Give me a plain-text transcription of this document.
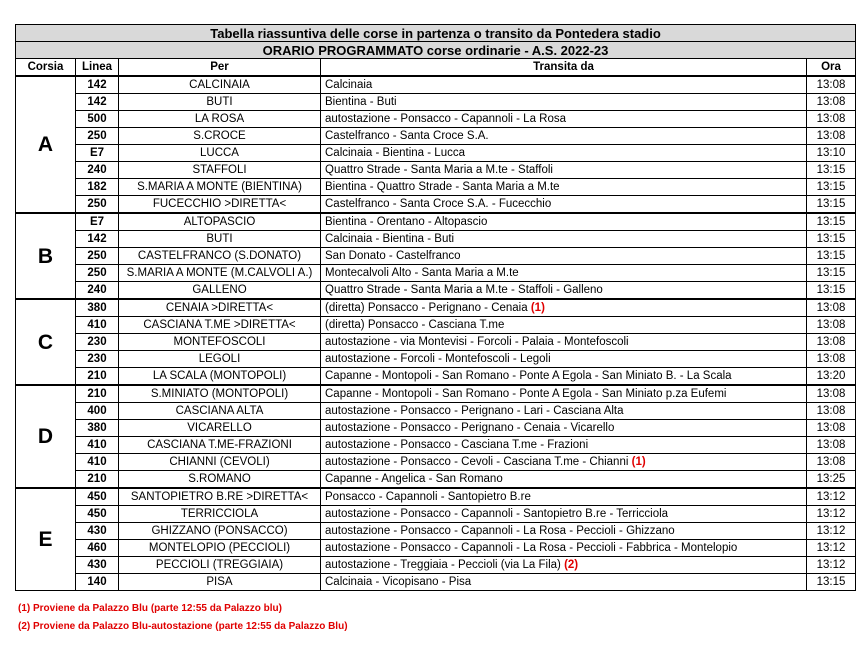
Tabella riassuntiva delle corse in partenza o transito da Pontedera stadio				
ORARIO PROGRAMMATO corse ordinarie - A.S. 2022-23				
Corsia	Linea	Per	Transita da	Ora
A	142	CALCINAIA	Calcinaia	13:08
	142	BUTI	Bientina - Buti	13:08
	500	LA ROSA	autostazione - Ponsacco - Capannoli - La Rosa	13:08
	250	S.CROCE	Castelfranco - Santa Croce S.A.	13:08
	E7	LUCCA	Calcinaia - Bientina - Lucca	13:10
	240	STAFFOLI	Quattro Strade - Santa Maria a M.te - Staffoli	13:15
	182	S.MARIA A MONTE (BIENTINA)	Bientina - Quattro Strade - Santa Maria a M.te	13:15
	250	FUCECCHIO >DIRETTA<	Castelfranco - Santa Croce S.A. - Fucecchio	13:15
B	E7	ALTOPASCIO	Bientina - Orentano - Altopascio	13:15
	142	BUTI	Calcinaia - Bientina - Buti	13:15
	250	CASTELFRANCO (S.DONATO)	San Donato - Castelfranco	13:15
	250	S.MARIA A MONTE (M.CALVOLI A.)	Montecalvoli Alto - Santa Maria a M.te	13:15
	240	GALLENO	Quattro Strade - Santa Maria a M.te - Staffoli - Galleno	13:15
C	380	CENAIA >DIRETTA<	(diretta) Ponsacco - Perignano - Cenaia (1)	13:08
	410	CASCIANA T.ME >DIRETTA<	(diretta) Ponsacco - Casciana T.me	13:08
	230	MONTEFOSCOLI	autostazione - via Montevisi - Forcoli - Palaia - Montefoscoli	13:08
	230	LEGOLI	autostazione - Forcoli - Montefoscoli - Legoli	13:08
	210	LA SCALA (MONTOPOLI)	Capanne - Montopoli - San Romano - Ponte A Egola - San Miniato B. - La Scala	13:20
D	210	S.MINIATO (MONTOPOLI)	Capanne - Montopoli - San Romano - Ponte A Egola - San Miniato p.za Eufemi	13:08
	400	CASCIANA ALTA	autostazione - Ponsacco - Perignano - Lari - Casciana Alta	13:08
	380	VICARELLO	autostazione - Ponsacco - Perignano - Cenaia - Vicarello	13:08
	410	CASCIANA T.ME-FRAZIONI	autostazione - Ponsacco - Casciana T.me - Frazioni	13:08
	410	CHIANNI (CEVOLI)	autostazione - Ponsacco - Cevoli - Casciana T.me - Chianni (1)	13:08
	210	S.ROMANO	Capanne - Angelica - San Romano	13:25
E	450	SANTOPIETRO B.RE >DIRETTA<	Ponsacco - Capannoli - Santopietro B.re	13:12
	450	TERRICCIOLA	autostazione - Ponsacco - Capannoli - Santopietro B.re - Terricciola	13:12
	430	GHIZZANO (PONSACCO)	autostazione - Ponsacco - Capannoli - La Rosa - Peccioli - Ghizzano	13:12
	460	MONTELOPIO (PECCIOLI)	autostazione - Ponsacco - Capannoli - La Rosa - Peccioli - Fabbrica - Montelopio	13:12
	430	PECCIOLI (TREGGIAIA)	autostazione - Treggiaia - Peccioli (via La Fila) (2)	13:12
	140	PISA	Calcinaia - Vicopisano - Pisa	13:15
(1) Proviene da Palazzo Blu (parte 12:55 da Palazzo blu)
(2) Proviene da Palazzo Blu-autostazione (parte 12:55 da Palazzo Blu)
